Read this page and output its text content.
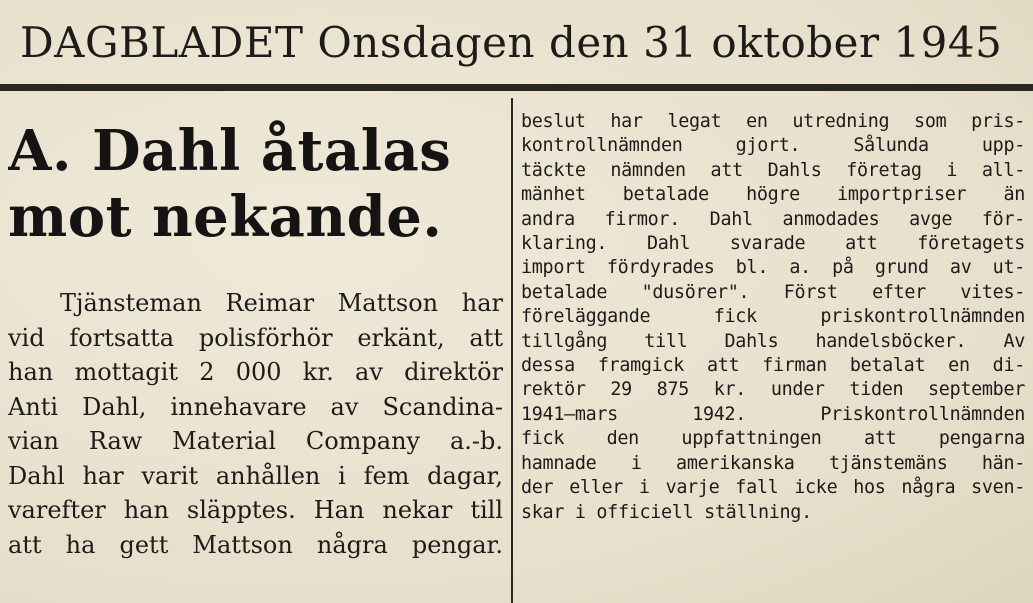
DAGBLADET Onsdagen den 31 oktober 1945
A. Dahl åtalas
mot nekande.
Tjänsteman Reimar Mattson har
vid fortsatta polisförhör erkänt, att
han mottagit 2 000 kr. av direktör
Anti Dahl, innehavare av Scandina-
vian Raw Material Company a.-b.
Dahl har varit anhållen i fem dagar,
varefter han släpptes. Han nekar till
att ha gett Mattson några pengar.
beslut har legat en utredning som pris-
kontrollnämnden gjort. Sålunda upp-
täckte nämnden att Dahls företag i all-
mänhet betalade högre importpriser än
andra firmor. Dahl anmodades avge för-
klaring. Dahl svarade att företagets
import fördyrades bl. a. på grund av ut-
betalade "dusörer". Först efter vites-
föreläggande fick priskontrollnämnden
tillgång till Dahls handelsböcker. Av
dessa framgick att firman betalat en di-
rektör 29 875 kr. under tiden september
1941—mars 1942. Priskontrollnämnden
fick den uppfattningen att pengarna
hamnade i amerikanska tjänstemäns hän-
der eller i varje fall icke hos några sven-
skar i officiell ställning.
